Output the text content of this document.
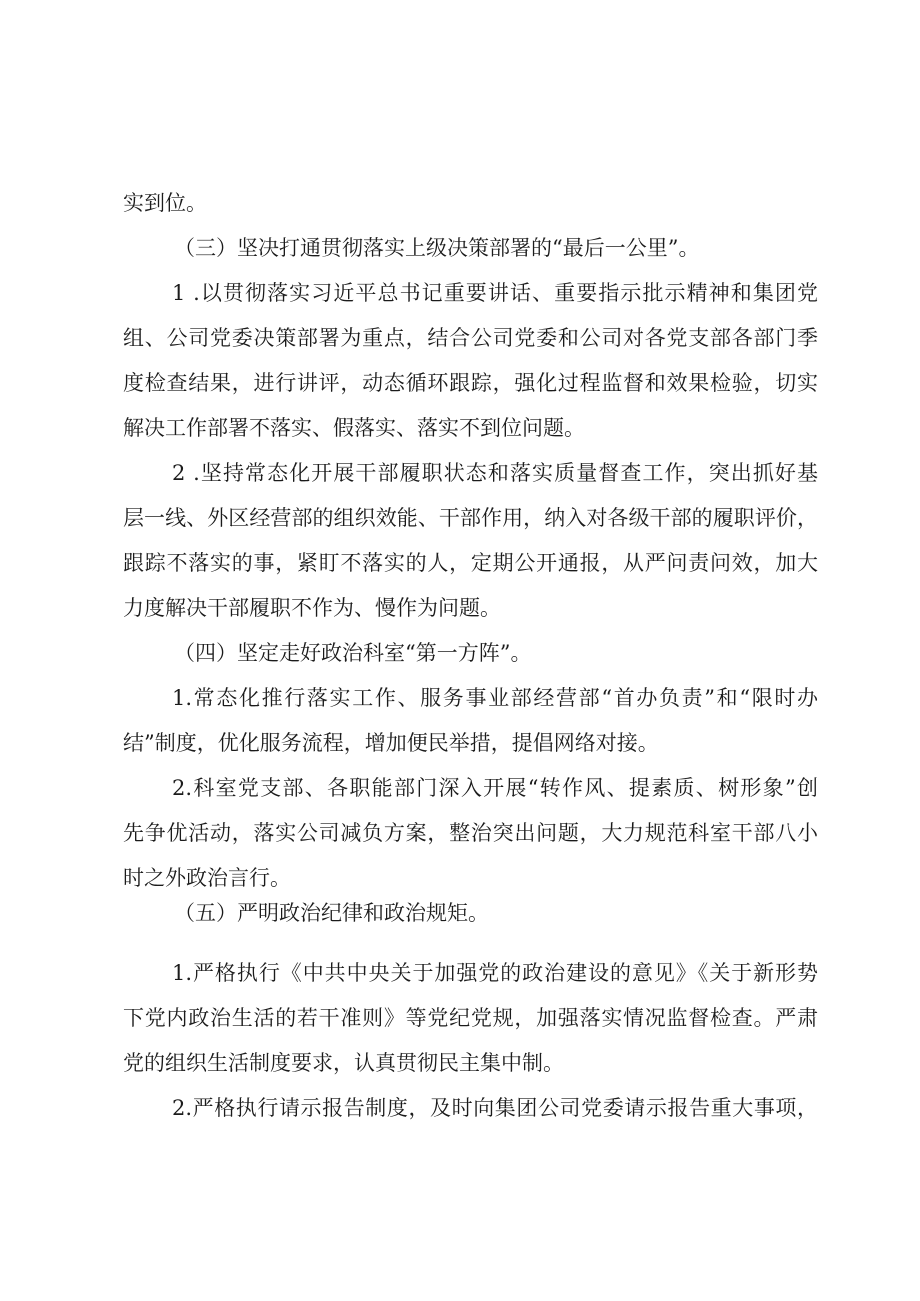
实到位。
（三）坚决打通贯彻落实上级决策部署的“最后一公里”。
1 .以贯彻落实习近平总书记重要讲话、重要指示批示精神和集团党
组、公司党委决策部署为重点，结合公司党委和公司对各党支部各部门季
度检查结果，进行讲评，动态循环跟踪，强化过程监督和效果检验，切实
解决工作部署不落实、假落实、落实不到位问题。
2 .坚持常态化开展干部履职状态和落实质量督查工作，突出抓好基
层一线、外区经营部的组织效能、干部作用，纳入对各级干部的履职评价，
跟踪不落实的事，紧盯不落实的人，定期公开通报，从严问责问效，加大
力度解决干部履职不作为、慢作为问题。
（四）坚定走好政治科室“第一方阵”。
1.常态化推行落实工作、服务事业部经营部“首办负责”和“限时办
结”制度，优化服务流程，增加便民举措，提倡网络对接。
2.科室党支部、各职能部门深入开展“转作风、提素质、树形象”创
先争优活动，落实公司减负方案，整治突出问题，大力规范科室干部八小
时之外政治言行。
（五）严明政治纪律和政治规矩。
1.严格执行《中共中央关于加强党的政治建设的意见》《关于新形势
下党内政治生活的若干准则》等党纪党规，加强落实情况监督检查。严肃
党的组织生活制度要求，认真贯彻民主集中制。
2.严格执行请示报告制度，及时向集团公司党委请示报告重大事项，
